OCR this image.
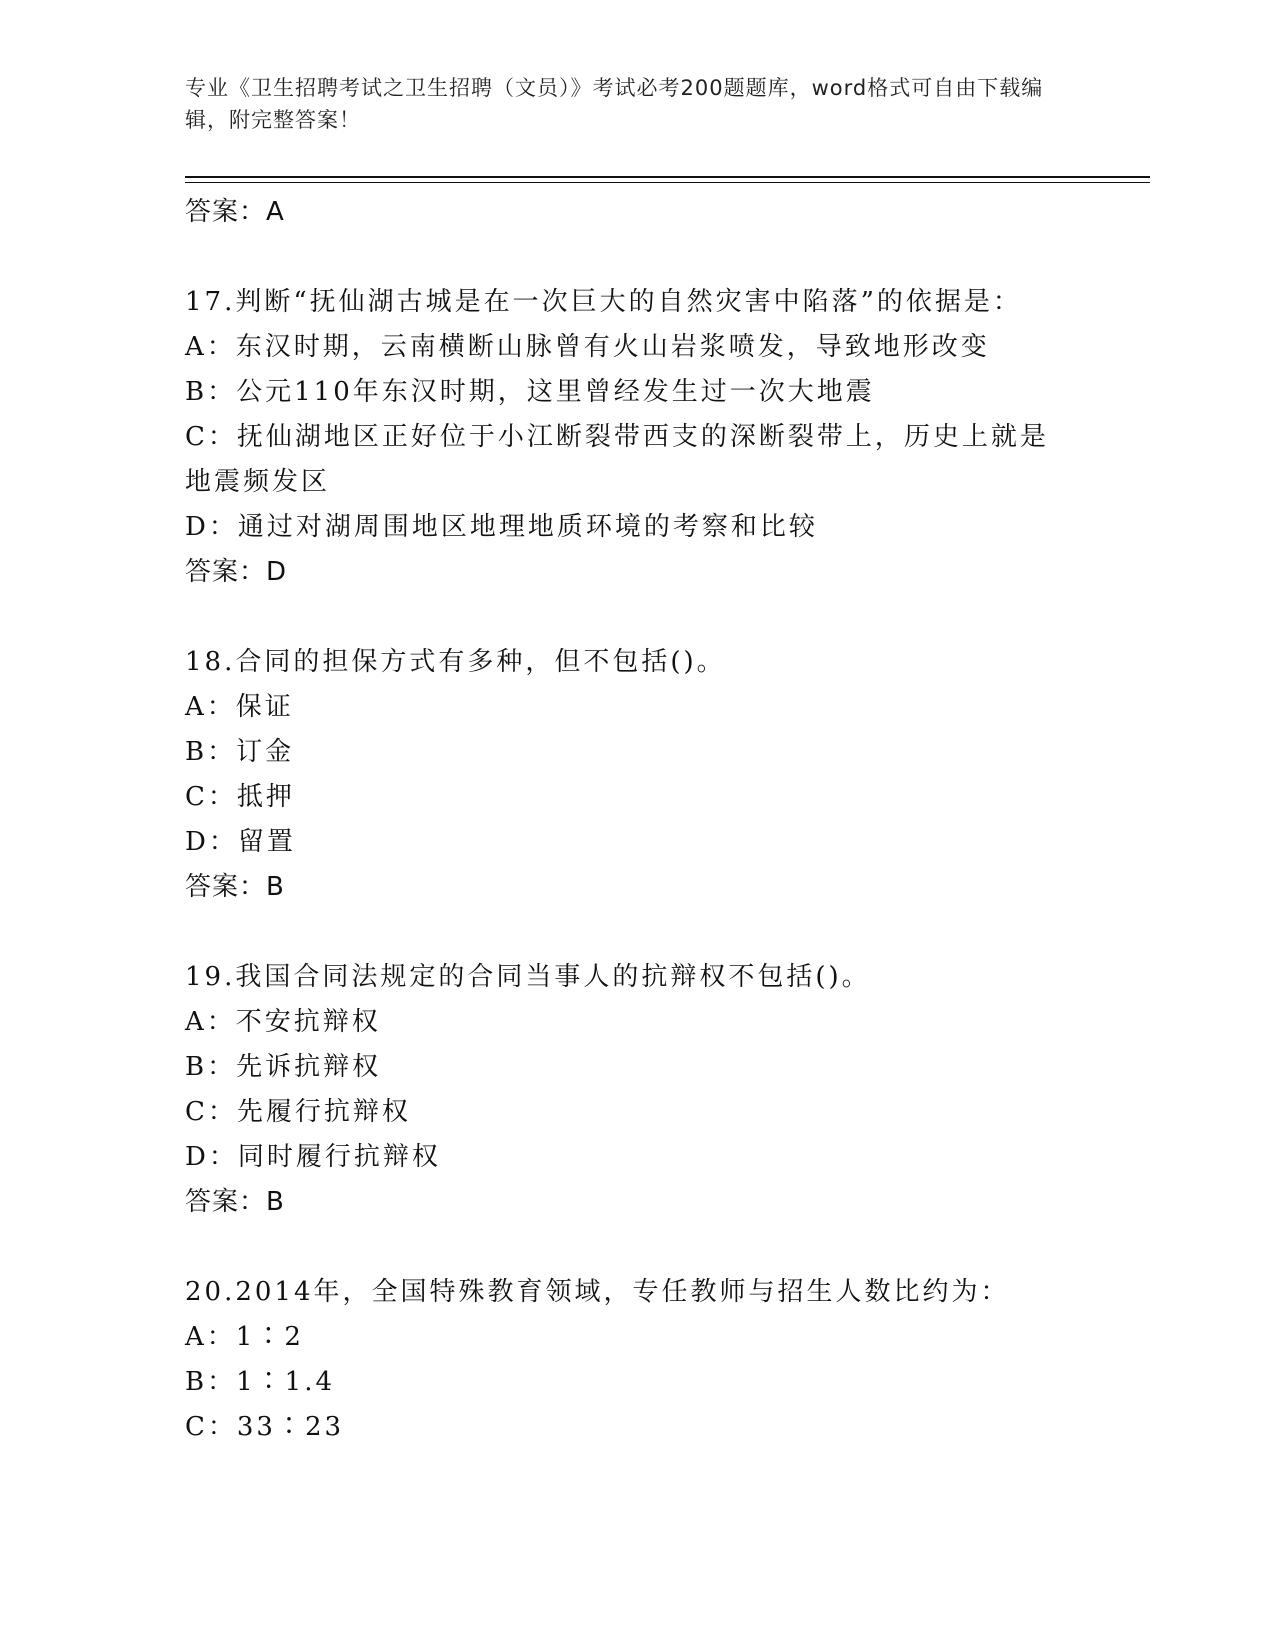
专业《卫生招聘考试之卫生招聘（文员）》考试必考200题题库，word格式可自由下载编辑，附完整答案！
答案：A
17.判断“抚仙湖古城是在一次巨大的自然灾害中陷落”的依据是：
A：东汉时期，云南横断山脉曾有火山岩浆喷发，导致地形改变
B：公元110年东汉时期，这里曾经发生过一次大地震
C：抚仙湖地区正好位于小江断裂带西支的深断裂带上，历史上就是地震频发区
D：通过对湖周围地区地理地质环境的考察和比较
答案：D
18.合同的担保方式有多种，但不包括()。
A：保证
B：订金
C：抵押
D：留置
答案：B
19.我国合同法规定的合同当事人的抗辩权不包括()。
A：不安抗辩权
B：先诉抗辩权
C：先履行抗辩权
D：同时履行抗辩权
答案：B
20.2014年，全国特殊教育领域，专任教师与招生人数比约为：
A：1∶2
B：1∶1.4
C：33∶23
